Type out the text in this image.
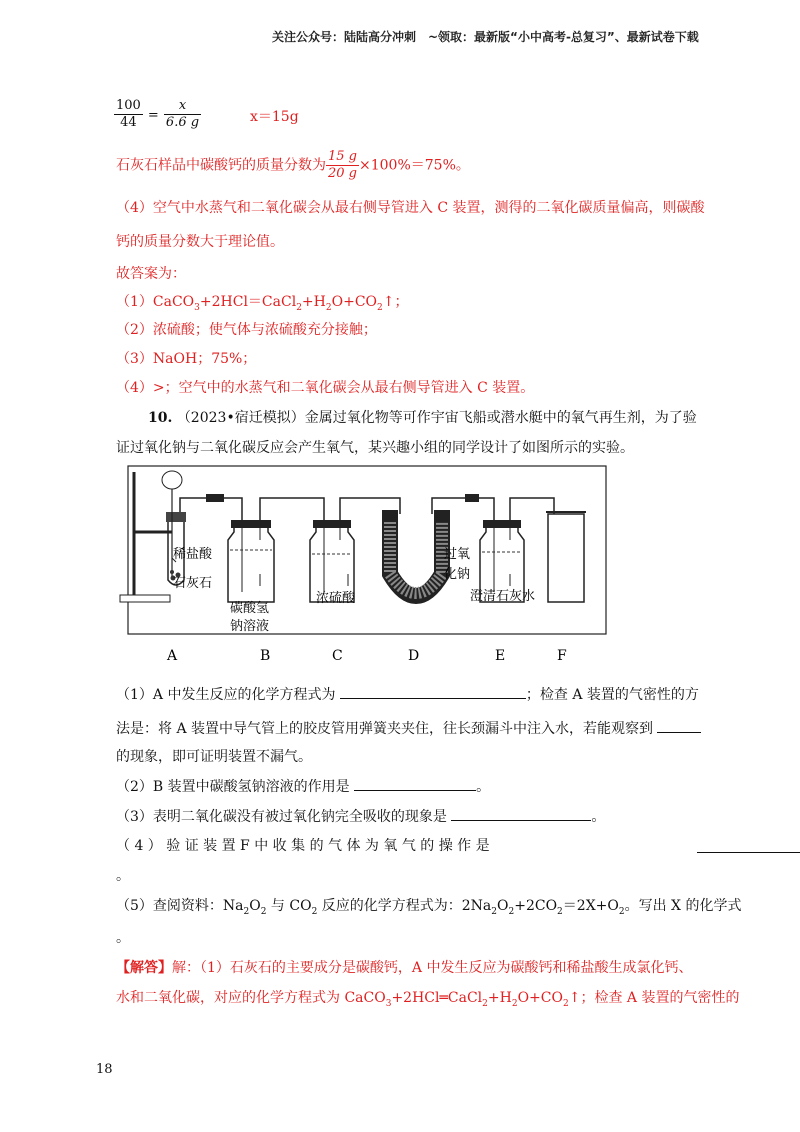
关注公众号：陆陆高分冲刺　~领取：最新版“小中高考-总复习”、最新试卷下载
$\frac{100}{44} = \frac{x}{6.6 g}$	x＝15g
石灰石样品中碳酸钙的质量分数为 $\frac{15 g}{20 g} \times 100\%=75\%$。
（4）空气中水蒸气和二氧化碳会从最右侧导管进入 C 装置，测得的二氧化碳质量偏高，则碳酸
钙的质量分数大于理论值。
故答案为：
$(1)CaCO_3+2HCl=CaCl_2+H_2O+CO_2↑$；
（2）浓硫酸；使气体与浓硫酸充分接触；
（3）NaOH；75%；
（4）>；空气中的水蒸气和二氧化碳会从最右侧导管进入 C 装置。
10. （2023•宿迁模拟）金属过氧化物等可作宇宙飞船或潜水艇中的氧气再生剂，为了验
证过氧化钠与二氧化碳反应会产生氧气，某兴趣小组的同学设计了如图所示的实验。
稀盐酸
石灰石
碳酸氢
钠溶液
浓硫酸
过氧
化钠
澄清石灰水
A	B	C	D	E	F
（1）A 中发生反应的化学方程式为	；检查 A 装置的气密性的方
法是：将 A 装置中导气管上的胶皮管用弹簧夹夹住，往长颈漏斗中注入水，若能观察到
的现象，即可证明装置不漏气。
（2）B 装置中碳酸氢钠溶液的作用是	。
（3）表明二氧化碳没有被过氧化钠完全吸收的现象是	。
（ 4 ） 验 证 装 置 F 中 收 集 的 气 体 为 氧 气 的 操 作 是
。
（5）查阅资料：$Na_2O_2$ 与 $CO_2$ 反应的化学方程式为：$2Na_2O_2+2CO_2=2X+O_2$。写出 X 的化学式
。
【解答】解：（1）石灰石的主要成分是碳酸钙，A 中发生反应为碳酸钙和稀盐酸生成氯化钙、
水和二氧化碳，对应的化学方程式为 $CaCO_3+2HCl═CaCl_2+H_2O+CO_2↑$；检查 A 装置的气密性的
18
